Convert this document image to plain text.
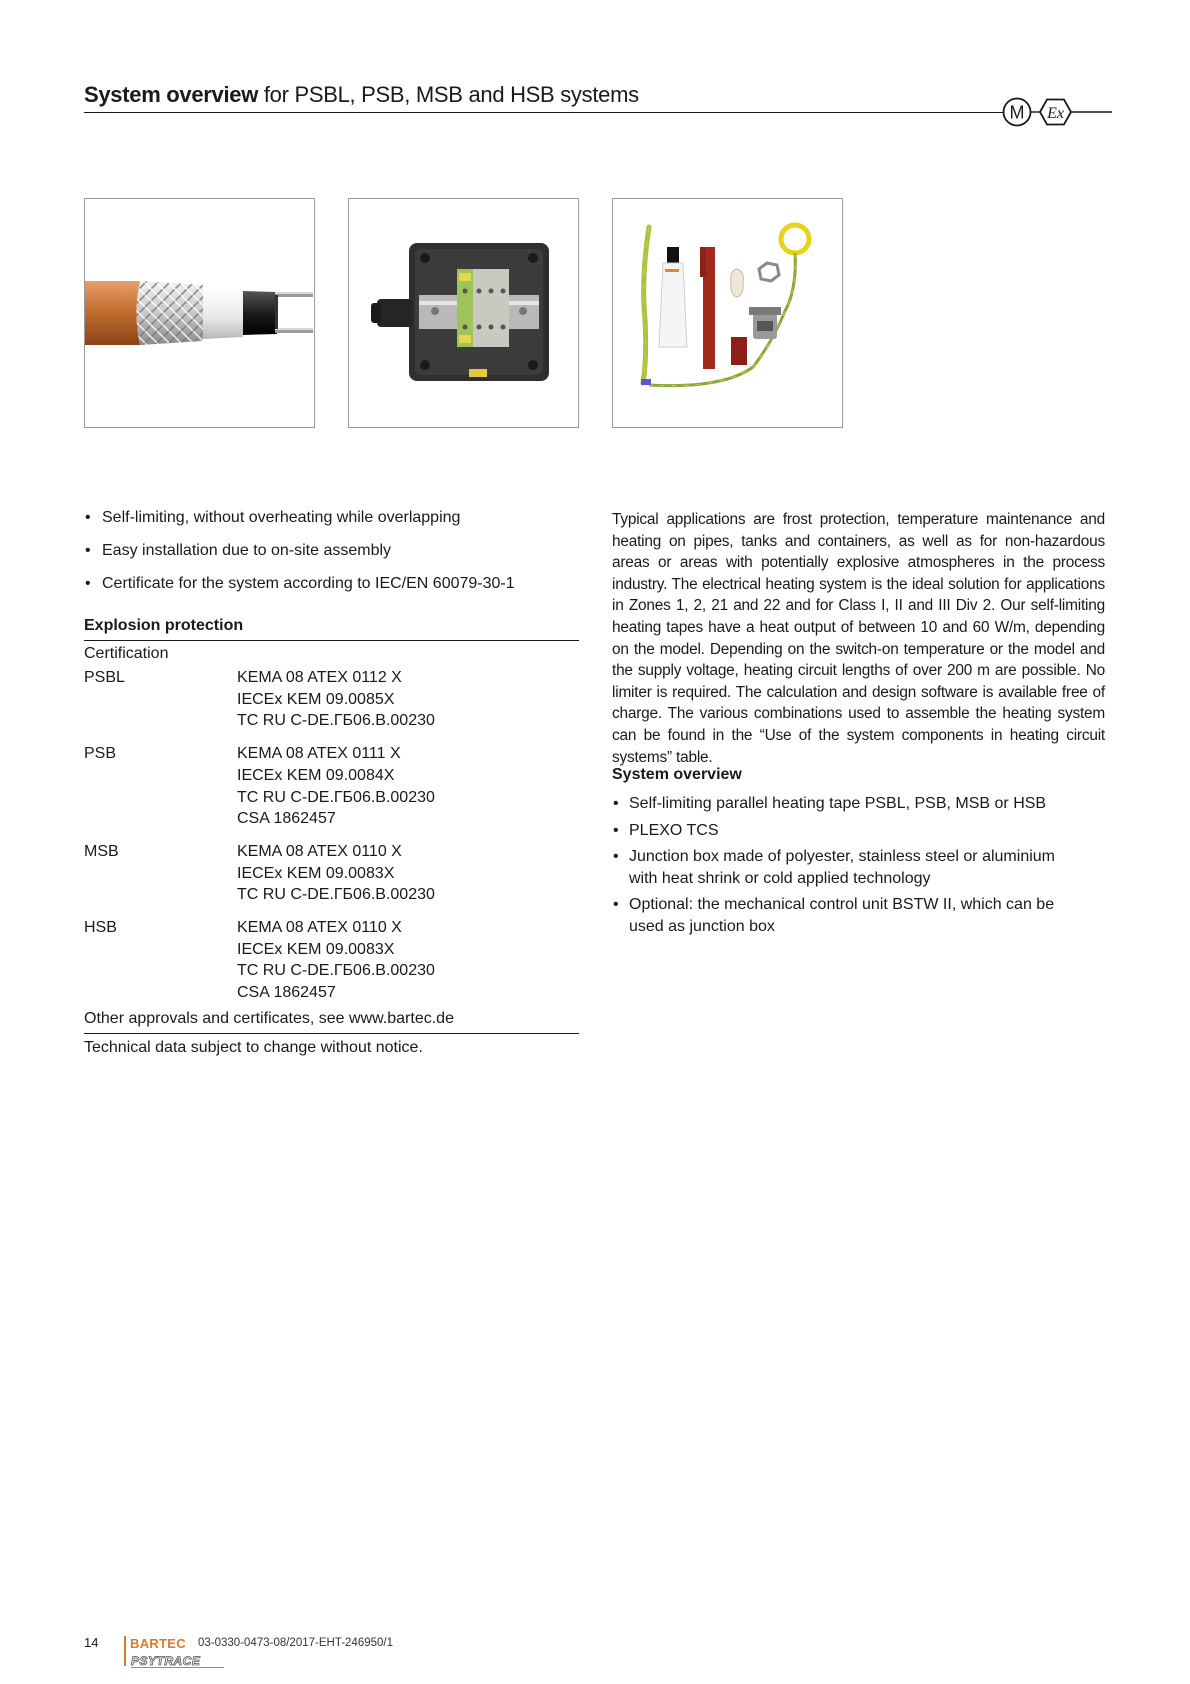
System overview for PSBL, PSB, MSB and HSB systems
M Ex
• Self-limiting, without overheating while overlapping
• Easy installation due to on-site assembly
• Certificate for the system according to IEC/EN 60079-30-1
Explosion protection
Certification
PSBL	KEMA 08 ATEX 0112 X
IECEx KEM 09.0085X
TC RU C-DE.ГБ06.B.00230
PSB	KEMA 08 ATEX 0111 X
IECEx KEM 09.0084X
TC RU C-DE.ГБ06.B.00230
CSA 1862457
MSB	KEMA 08 ATEX 0110 X
IECEx KEM 09.0083X
TC RU C-DE.ГБ06.B.00230
HSB	KEMA 08 ATEX 0110 X
IECEx KEM 09.0083X
TC RU C-DE.ГБ06.B.00230
CSA 1862457
Other approvals and certificates, see www.bartec.de
Technical data subject to change without notice.

Typical applications are frost protection, temperature maintenance and heating on pipes, tanks and containers, as well as for non-hazardous areas or areas with potentially explosive atmospheres in the process industry. The electrical heating system is the ideal solution for applications in Zones 1, 2, 21 and 22 and for Class I, II and III Div 2. Our self-limiting heating tapes have a heat output of between 10 and 60 W/m, depending on the model. Depending on the switch-on temperature or the model and the supply voltage, heating circuit lengths of over 200 m are possible. No limiter is required. The calculation and design software is available free of charge. The various combinations used to assemble the heating system can be found in the “Use of the system components in heating circuit systems” table.

System overview
• Self-limiting parallel heating tape PSBL, PSB, MSB or HSB
• PLEXO TCS
• Junction box made of polyester, stainless steel or aluminium with heat shrink or cold applied technology
• Optional: the mechanical control unit BSTW II, which can be used as junction box
14 BARTEC 03-0330-0473-08/2017-EHT-246950/1
PSYTRACE
